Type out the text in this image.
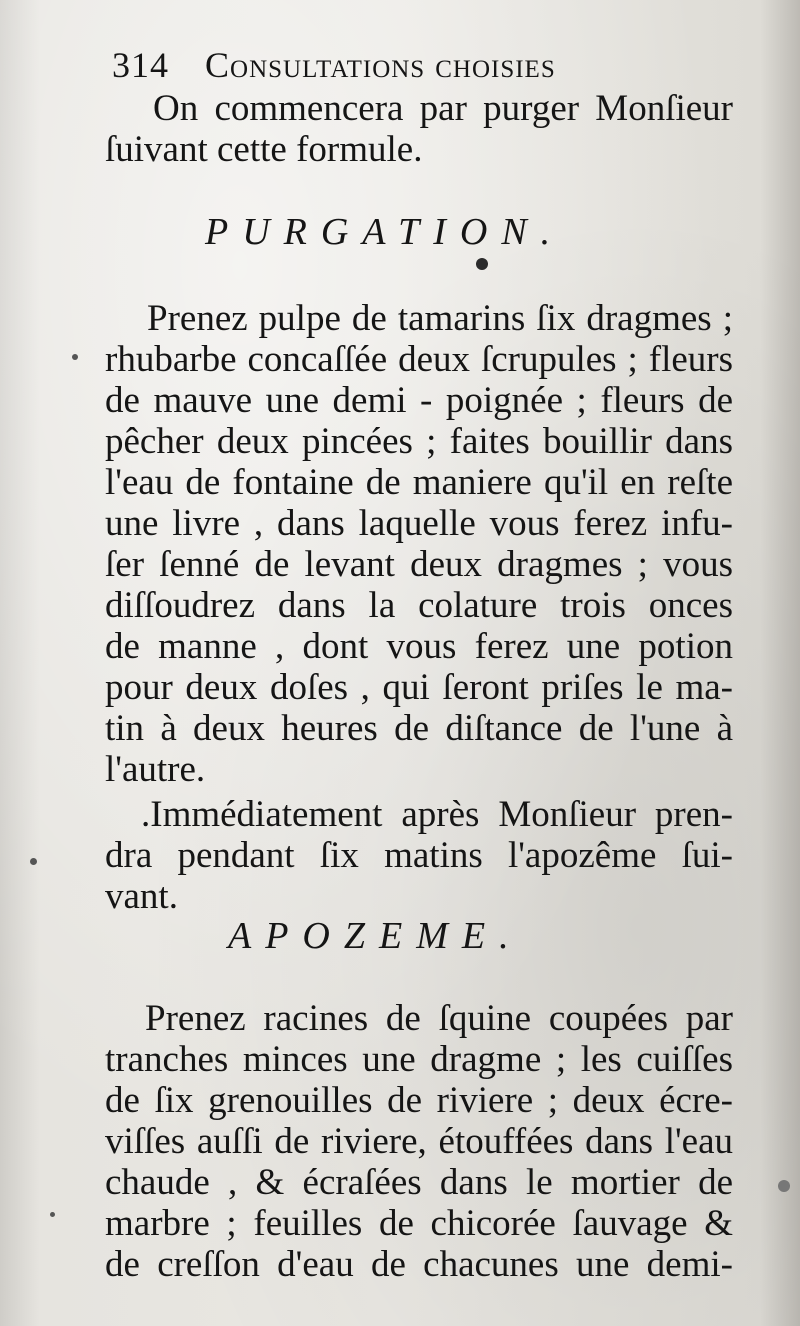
314 Consultations choisies
On commencera par purger Monſieur
ſuivant cette formule.
PURGATION.
Prenez pulpe de tamarins ſix dragmes ;
rhubarbe concaſſée deux ſcrupules ; fleurs
de mauve une demi - poignée ; fleurs de
pêcher deux pincées ; faites bouillir dans
l'eau de fontaine de maniere qu'il en reſte
une livre , dans laquelle vous ferez infu-
ſer ſenné de levant deux dragmes ; vous
diſſoudrez dans la colature trois onces
de manne , dont vous ferez une potion
pour deux doſes , qui ſeront priſes le ma-
tin à deux heures de diſtance de l'une à
l'autre.
.Immédiatement après Monſieur pren-
dra pendant ſix matins l'apozême ſui-
vant.
APOZEME.
Prenez racines de ſquine coupées par
tranches minces une dragme ; les cuiſſes
de ſix grenouilles de riviere ; deux écre-
viſſes auſſi de riviere, étouffées dans l'eau
chaude , & écraſées dans le mortier de
marbre ; feuilles de chicorée ſauvage &
de creſſon d'eau de chacunes une demi-
